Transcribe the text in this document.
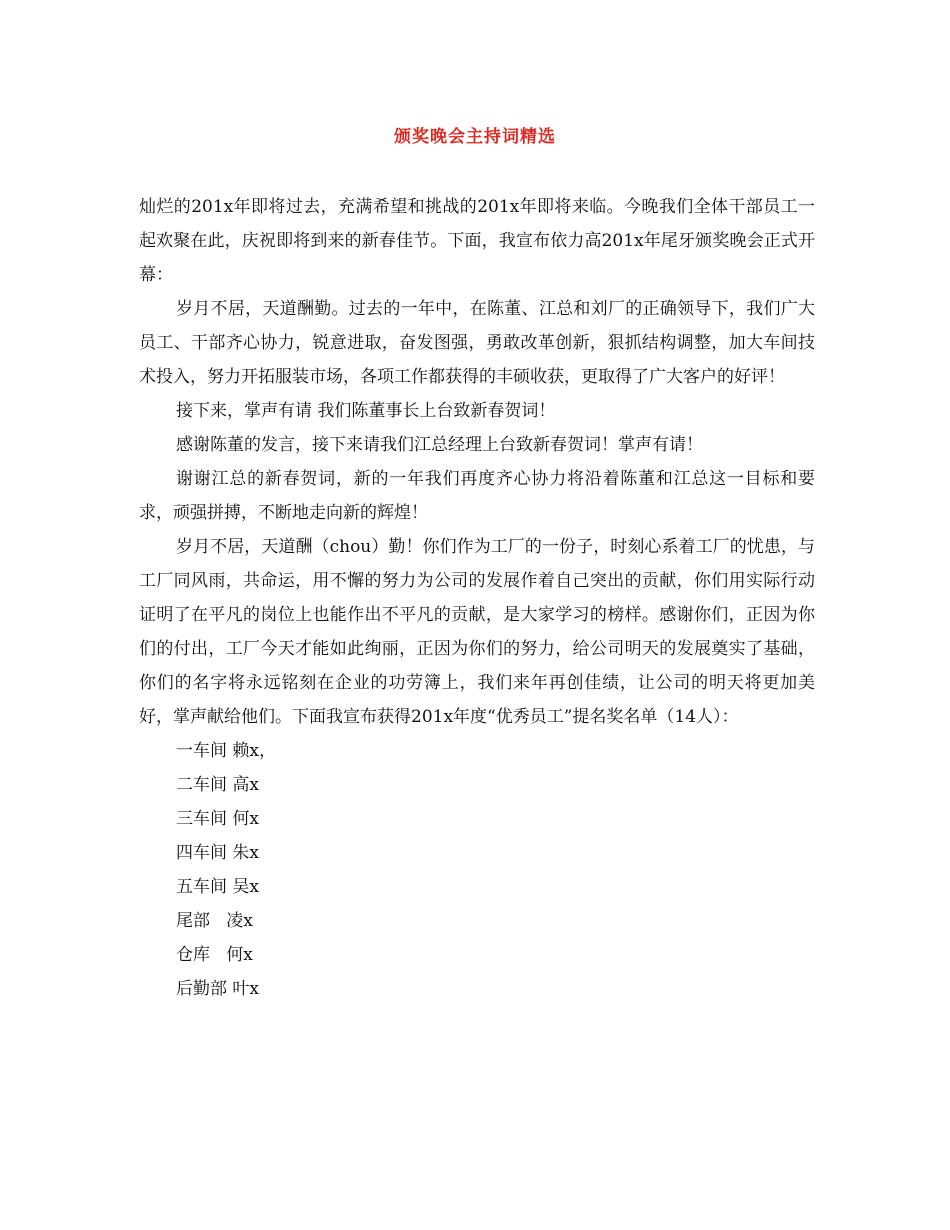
颁奖晚会主持词精选

灿烂的201x年即将过去，充满希望和挑战的201x年即将来临。今晚我们全体干部员工一起欢聚在此，庆祝即将到来的新春佳节。下面，我宣布依力高201x年尾牙颁奖晚会正式开幕：

岁月不居，天道酬勤。过去的一年中，在陈董、江总和刘厂的正确领导下，我们广大员工、干部齐心协力，锐意进取，奋发图强，勇敢改革创新，狠抓结构调整，加大车间技术投入，努力开拓服装市场，各项工作都获得的丰硕收获，更取得了广大客户的好评！

接下来，掌声有请 我们陈董事长上台致新春贺词！

感谢陈董的发言，接下来请我们江总经理上台致新春贺词！掌声有请！

谢谢江总的新春贺词，新的一年我们再度齐心协力将沿着陈董和江总这一目标和要求，顽强拼搏，不断地走向新的辉煌！

岁月不居，天道酬（chou）勤！你们作为工厂的一份子，时刻心系着工厂的忧患，与工厂同风雨，共命运，用不懈的努力为公司的发展作着自己突出的贡献，你们用实际行动证明了在平凡的岗位上也能作出不平凡的贡献，是大家学习的榜样。感谢你们，正因为你们的付出，工厂今天才能如此绚丽，正因为你们的努力，给公司明天的发展奠实了基础，你们的名字将永远铭刻在企业的功劳簿上，我们来年再创佳绩，让公司的明天将更加美好，掌声献给他们。下面我宣布获得201x年度“优秀员工”提名奖名单（14人）：

一车间 赖x，
二车间 高x
三车间 何x
四车间 朱x
五车间 吴x
尾部   凌x
仓库   何x
后勤部 叶x
